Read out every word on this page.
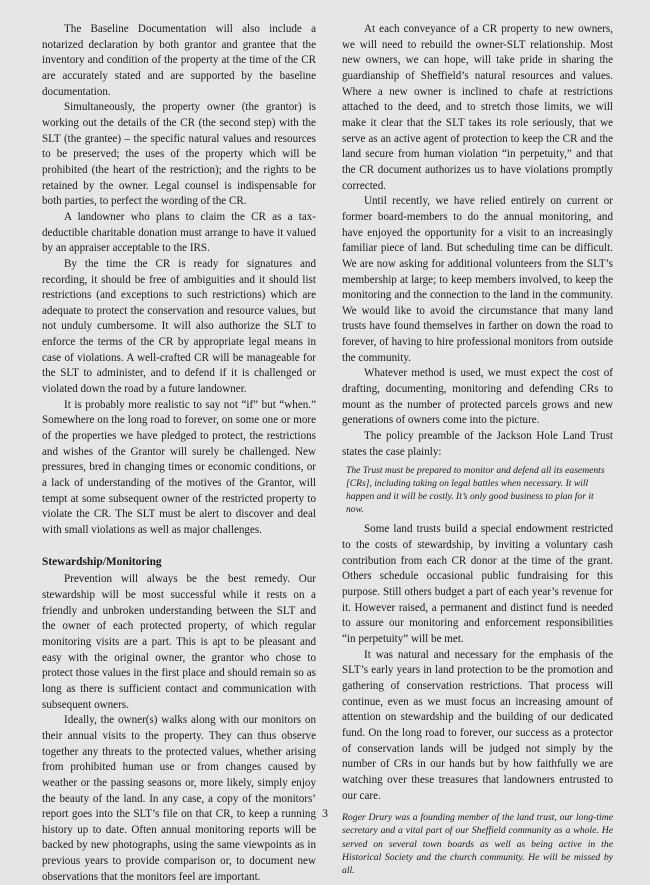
The Baseline Documentation will also include a notarized declaration by both grantor and grantee that the inventory and condition of the property at the time of the CR are accurately stated and are supported by the baseline documentation.

Simultaneously, the property owner (the grantor) is working out the details of the CR (the second step) with the SLT (the grantee) – the specific natural values and resources to be preserved; the uses of the property which will be prohibited (the heart of the restriction); and the rights to be retained by the owner. Legal counsel is indispensable for both parties, to perfect the wording of the CR.

A landowner who plans to claim the CR as a tax-deductible charitable donation must arrange to have it valued by an appraiser acceptable to the IRS.

By the time the CR is ready for signatures and recording, it should be free of ambiguities and it should list restrictions (and exceptions to such restrictions) which are adequate to protect the conservation and resource values, but not unduly cumbersome. It will also authorize the SLT to enforce the terms of the CR by appropriate legal means in case of violations. A well-crafted CR will be manageable for the SLT to administer, and to defend if it is challenged or violated down the road by a future landowner.

It is probably more realistic to say not “if” but “when.” Somewhere on the long road to forever, on some one or more of the properties we have pledged to protect, the restrictions and wishes of the Grantor will surely be challenged. New pressures, bred in changing times or economic conditions, or a lack of understanding of the motives of the Grantor, will tempt at some subsequent owner of the restricted property to violate the CR. The SLT must be alert to discover and deal with small violations as well as major challenges.

Stewardship/Monitoring

Prevention will always be the best remedy. Our stewardship will be most successful while it rests on a friendly and unbroken understanding between the SLT and the owner of each protected property, of which regular monitoring visits are a part. This is apt to be pleasant and easy with the original owner, the grantor who chose to protect those values in the first place and should remain so as long as there is sufficient contact and communication with subsequent owners.

Ideally, the owner(s) walks along with our monitors on their annual visits to the property. They can thus observe together any threats to the protected values, whether arising from prohibited human use or from changes caused by weather or the passing seasons or, more likely, simply enjoy the beauty of the land. In any case, a copy of the monitors’ report goes into the SLT’s file on that CR, to keep a running history up to date. Often annual monitoring reports will be backed by new photographs, using the same viewpoints as in previous years to provide comparison or, to document new observations that the monitors feel are important.

At each conveyance of a CR property to new owners, we will need to rebuild the owner-SLT relationship. Most new owners, we can hope, will take pride in sharing the guardianship of Sheffield’s natural resources and values. Where a new owner is inclined to chafe at restrictions attached to the deed, and to stretch those limits, we will make it clear that the SLT takes its role seriously, that we serve as an active agent of protection to keep the CR and the land secure from human violation “in perpetuity,” and that the CR document authorizes us to have violations promptly corrected.

Until recently, we have relied entirely on current or former board-members to do the annual monitoring, and have enjoyed the opportunity for a visit to an increasingly familiar piece of land. But scheduling time can be difficult. We are now asking for additional volunteers from the SLT’s membership at large; to keep members involved, to keep the monitoring and the connection to the land in the community. We would like to avoid the circumstance that many land trusts have found themselves in farther on down the road to forever, of having to hire professional monitors from outside the community.

Whatever method is used, we must expect the cost of drafting, documenting, monitoring and defending CRs to mount as the number of protected parcels grows and new generations of owners come into the picture.

The policy preamble of the Jackson Hole Land Trust states the case plainly:

The Trust must be prepared to monitor and defend all its easements [CRs], including taking on legal battles when necessary. It will happen and it will be costly. It’s only good business to plan for it now.

Some land trusts build a special endowment restricted to the costs of stewardship, by inviting a voluntary cash contribution from each CR donor at the time of the grant. Others schedule occasional public fundraising for this purpose. Still others budget a part of each year’s revenue for it. However raised, a permanent and distinct fund is needed to assure our monitoring and enforcement responsibilities “in perpetuity” will be met.

It was natural and necessary for the emphasis of the SLT’s early years in land protection to be the promotion and gathering of conservation restrictions. That process will continue, even as we must focus an increasing amount of attention on stewardship and the building of our dedicated fund. On the long road to forever, our success as a protector of conservation lands will be judged not simply by the number of CRs in our hands but by how faithfully we are watching over these treasures that landowners entrusted to our care.

Roger Drury was a founding member of the land trust, our long-time secretary and a vital part of our Sheffield community as a whole. He served on several town boards as well as being active in the Historical Society and the church community. He will be missed by all.
3
